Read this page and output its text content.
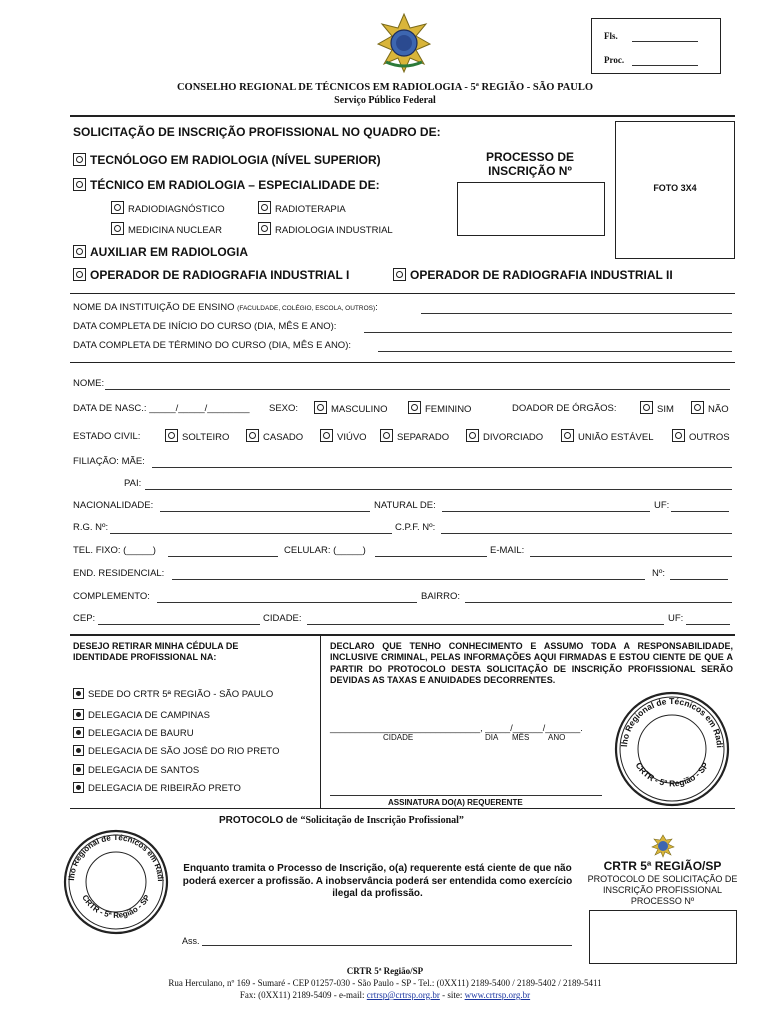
Fls.
Proc.
CONSELHO REGIONAL DE TÉCNICOS EM RADIOLOGIA - 5ª REGIÃO - SÃO PAULO
Serviço Público Federal
SOLICITAÇÃO DE INSCRIÇÃO PROFISSIONAL NO QUADRO DE:
TECNÓLOGO EM RADIOLOGIA (NÍVEL SUPERIOR)
TÉCNICO EM RADIOLOGIA – ESPECIALIDADE DE:
RADIODIAGNÓSTICO	RADIOTERAPIA
MEDICINA NUCLEAR	RADIOLOGIA INDUSTRIAL
AUXILIAR EM RADIOLOGIA
OPERADOR DE RADIOGRAFIA INDUSTRIAL I	OPERADOR DE RADIOGRAFIA INDUSTRIAL II
PROCESSO DE INSCRIÇÃO Nº
FOTO 3X4
NOME DA INSTITUIÇÃO DE ENSINO (FACULDADE, COLÉGIO, ESCOLA, OUTROS):
DATA COMPLETA DE INÍCIO DO CURSO (DIA, MÊS E ANO):
DATA COMPLETA DE TÉRMINO DO CURSO (DIA, MÊS E ANO):
NOME:
DATA DE NASC.: _____/_____/________ SEXO:	MASCULINO	FEMININO	DOADOR DE ÓRGÃOS:	SIM	NÃO
ESTADO CIVIL:	SOLTEIRO	CASADO	VIÚVO	SEPARADO	DIVORCIADO	UNIÃO ESTÁVEL	OUTROS
FILIAÇÃO: MÃE:
PAI:
NACIONALIDADE:	NATURAL DE:	UF:
R.G. Nº:	C.P.F. Nº:
TEL. FIXO: (_____)	CELULAR: (_____)	E-MAIL:
END. RESIDENCIAL:	Nº:
COMPLEMENTO:	BAIRRO:
CEP:	CIDADE:	UF:
DESEJO RETIRAR MINHA CÉDULA DE IDENTIDADE PROFISSIONAL NA:
SEDE DO CRTR 5ª REGIÃO - SÃO PAULO
DELEGACIA DE CAMPINAS
DELEGACIA DE BAURU
DELEGACIA DE SÃO JOSÉ DO RIO PRETO
DELEGACIA DE SANTOS
DELEGACIA DE RIBEIRÃO PRETO
DECLARO QUE TENHO CONHECIMENTO E ASSUMO TODA A RESPONSABILIDADE, INCLUSIVE CRIMINAL, PELAS INFORMAÇÕES AQUI FIRMADAS E ESTOU CIENTE DE QUE A PARTIR DO PROTOCOLO DESTA SOLICITAÇÃO DE INSCRIÇÃO PROFISSIONAL SERÃO DEVIDAS AS TAXAS E ANUIDADES DECORRENTES.
______________________________, _____/______/_______.
CIDADE	DIA MÊS ANO
ASSINATURA DO(A) REQUERENTE
lho Regional de Técnicos em Radi
CRTR - 5ª Região - SP
PROTOCOLO de “Solicitação de Inscrição Profissional”
lho Regional de Técnicos em Radi
CRTR - 5ª Região - SP
Enquanto tramita o Processo de Inscrição, o(a) requerente está ciente de que não poderá exercer a profissão. A inobservância poderá ser entendida como exercício ilegal da profissão.
Ass.
CRTR 5ª REGIÃO/SP
PROTOCOLO DE SOLICITAÇÃO DE INSCRIÇÃO PROFISSIONAL PROCESSO Nº
CRTR 5ª Região/SP
Rua Herculano, nº 169 - Sumaré - CEP 01257-030 - São Paulo - SP - Tel.: (0XX11) 2189-5400 / 2189-5402 / 2189-5411
Fax: (0XX11) 2189-5409 - e-mail: crtrsp@crtrsp.org.br - site: www.crtrsp.org.br
